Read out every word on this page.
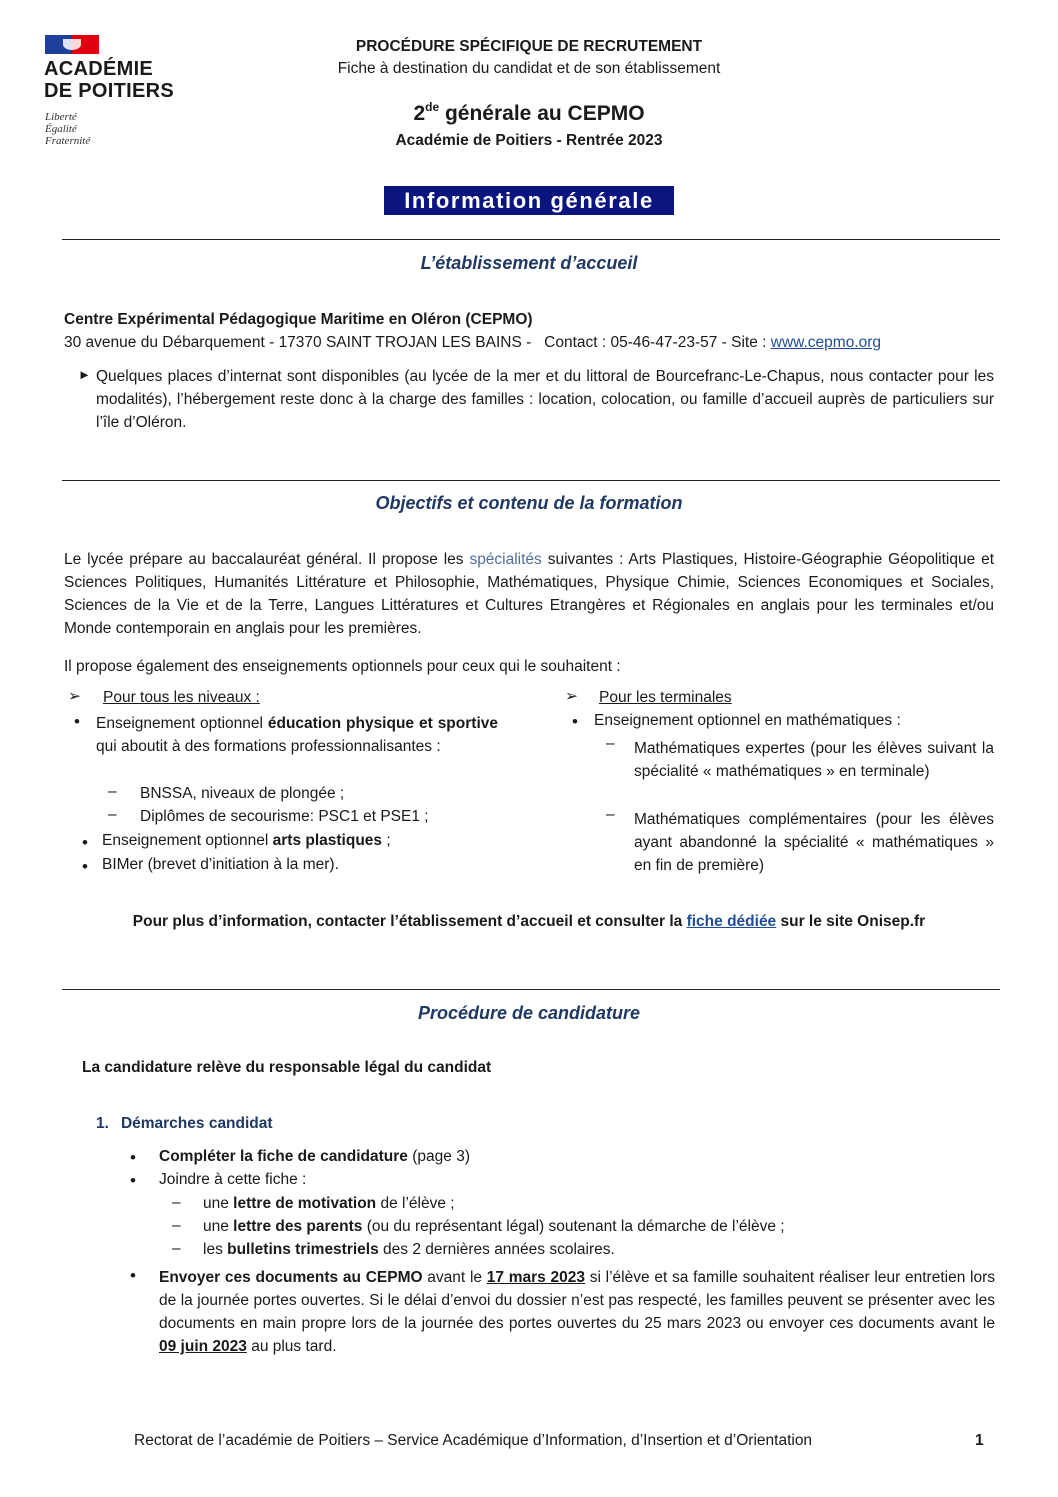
ACADÉMIE
DE POITIERS
Liberté
Égalité
Fraternité
PROCÉDURE SPÉCIFIQUE DE RECRUTEMENT
Fiche à destination du candidat et de son établissement
2de générale au CEPMO
Académie de Poitiers - Rentrée 2023
Information générale
L’établissement d’accueil
Centre Expérimental Pédagogique Maritime en Oléron (CEPMO)
30 avenue du Débarquement - 17370 SAINT TROJAN LES BAINS -   Contact : 05-46-47-23-57 - Site : www.cepmo.org
► Quelques places d’internat sont disponibles (au lycée de la mer et du littoral de Bourcefranc-Le-Chapus, nous contacter pour les modalités), l’hébergement reste donc à la charge des familles : location, colocation, ou famille d’accueil auprès de particuliers sur l’île d’Oléron.
Objectifs et contenu de la formation
Le lycée prépare au baccalauréat général. Il propose les spécialités suivantes : Arts Plastiques, Histoire-Géographie Géopolitique et Sciences Politiques, Humanités Littérature et Philosophie, Mathématiques, Physique Chimie, Sciences Economiques et Sociales, Sciences de la Vie et de la Terre, Langues Littératures et Cultures Etrangères et Régionales en anglais pour les terminales et/ou Monde contemporain en anglais pour les premières.
Il propose également des enseignements optionnels pour ceux qui le souhaitent :
➢ Pour tous les niveaux :
• Enseignement optionnel éducation physique et sportive qui aboutit à des formations professionnalisantes :
– BNSSA, niveaux de plongée ;
– Diplômes de secourisme: PSC1 et PSE1 ;
• Enseignement optionnel arts plastiques ;
• BIMer (brevet d’initiation à la mer).
➢ Pour les terminales
• Enseignement optionnel en mathématiques :
– Mathématiques expertes (pour les élèves suivant la spécialité « mathématiques » en terminale)
– Mathématiques complémentaires (pour les élèves ayant abandonné la spécialité « mathématiques » en fin de première)
Pour plus d’information, contacter l’établissement d’accueil et consulter la fiche dédiée sur le site Onisep.fr
Procédure de candidature
La candidature relève du responsable légal du candidat
1. Démarches candidat
• Compléter la fiche de candidature (page 3)
• Joindre à cette fiche :
– une lettre de motivation de l’élève ;
– une lettre des parents (ou du représentant légal) soutenant la démarche de l’élève ;
– les bulletins trimestriels des 2 dernières années scolaires.
• Envoyer ces documents au CEPMO avant le 17 mars 2023 si l’élève et sa famille souhaitent réaliser leur entretien lors de la journée portes ouvertes. Si le délai d’envoi du dossier n’est pas respecté, les familles peuvent se présenter avec les documents en main propre lors de la journée des portes ouvertes du 25 mars 2023 ou envoyer ces documents avant le 09 juin 2023 au plus tard.
Rectorat de l’académie de Poitiers – Service Académique d’Information, d’Insertion et d’Orientation	1
